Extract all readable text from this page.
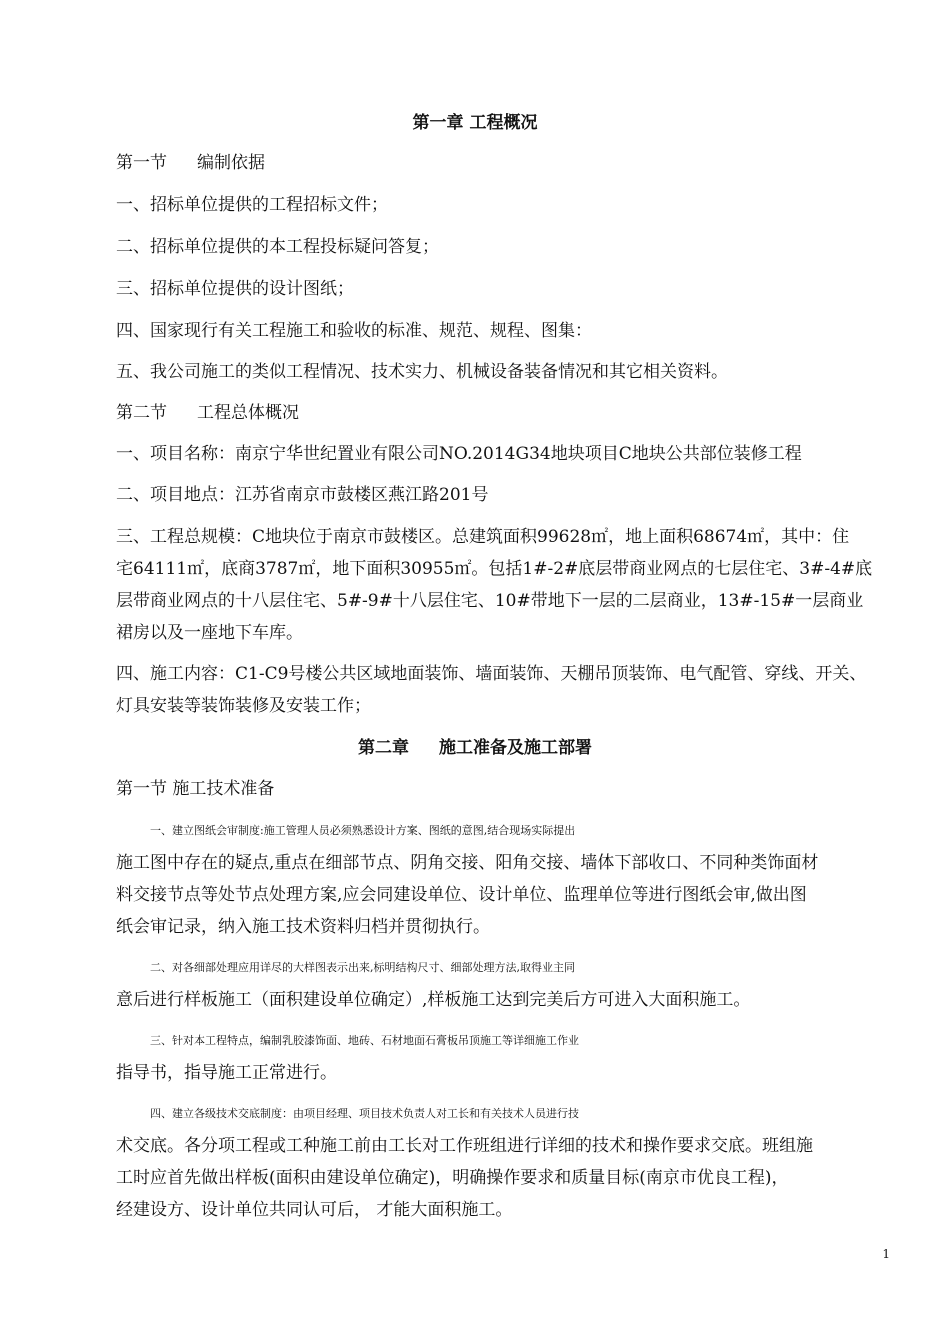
第一章 工程概况
第一节 编制依据
一、招标单位提供的工程招标文件；
二、招标单位提供的本工程投标疑问答复；
三、招标单位提供的设计图纸；
四、国家现行有关工程施工和验收的标准、规范、规程、图集：
五、我公司施工的类似工程情况、技术实力、机械设备装备情况和其它相关资料。
第二节 工程总体概况
一、项目名称：南京宁华世纪置业有限公司NO.2014G34地块项目C地块公共部位装修工程
二、项目地点：江苏省南京市鼓楼区燕江路201号
三、工程总规模：C地块位于南京市鼓楼区。总建筑面积99628㎡，地上面积68674㎡，其中：住
宅64111㎡，底商3787㎡，地下面积30955㎡。包括1#-2#底层带商业网点的七层住宅、3#-4#底
层带商业网点的十八层住宅、5#-9#十八层住宅、10#带地下一层的二层商业，13#-15#一层商业
裙房以及一座地下车库。
四、施工内容：C1-C9号楼公共区域地面装饰、墙面装饰、天棚吊顶装饰、电气配管、穿线、开关、
灯具安装等装饰装修及安装工作；
第二章 施工准备及施工部署
第一节 施工技术准备
一、建立图纸会审制度:施工管理人员必须熟悉设计方案、图纸的意图,结合现场实际提出
施工图中存在的疑点,重点在细部节点、阴角交接、阳角交接、墙体下部收口、不同种类饰面材
料交接节点等处节点处理方案,应会同建设单位、设计单位、监理单位等进行图纸会审,做出图
纸会审记录，纳入施工技术资料归档并贯彻执行。
二、对各细部处理应用详尽的大样图表示出来,标明结构尺寸、细部处理方法,取得业主同
意后进行样板施工（面积建设单位确定）,样板施工达到完美后方可进入大面积施工。
三、针对本工程特点，编制乳胶漆饰面、地砖、石材地面石膏板吊顶施工等详细施工作业
指导书，指导施工正常进行。
四、建立各级技术交底制度：由项目经理、项目技术负责人对工长和有关技术人员进行技
术交底。各分项工程或工种施工前由工长对工作班组进行详细的技术和操作要求交底。班组施
工时应首先做出样板(面积由建设单位确定)，明确操作要求和质量目标(南京市优良工程)，
经建设方、设计单位共同认可后， 才能大面积施工。
1
